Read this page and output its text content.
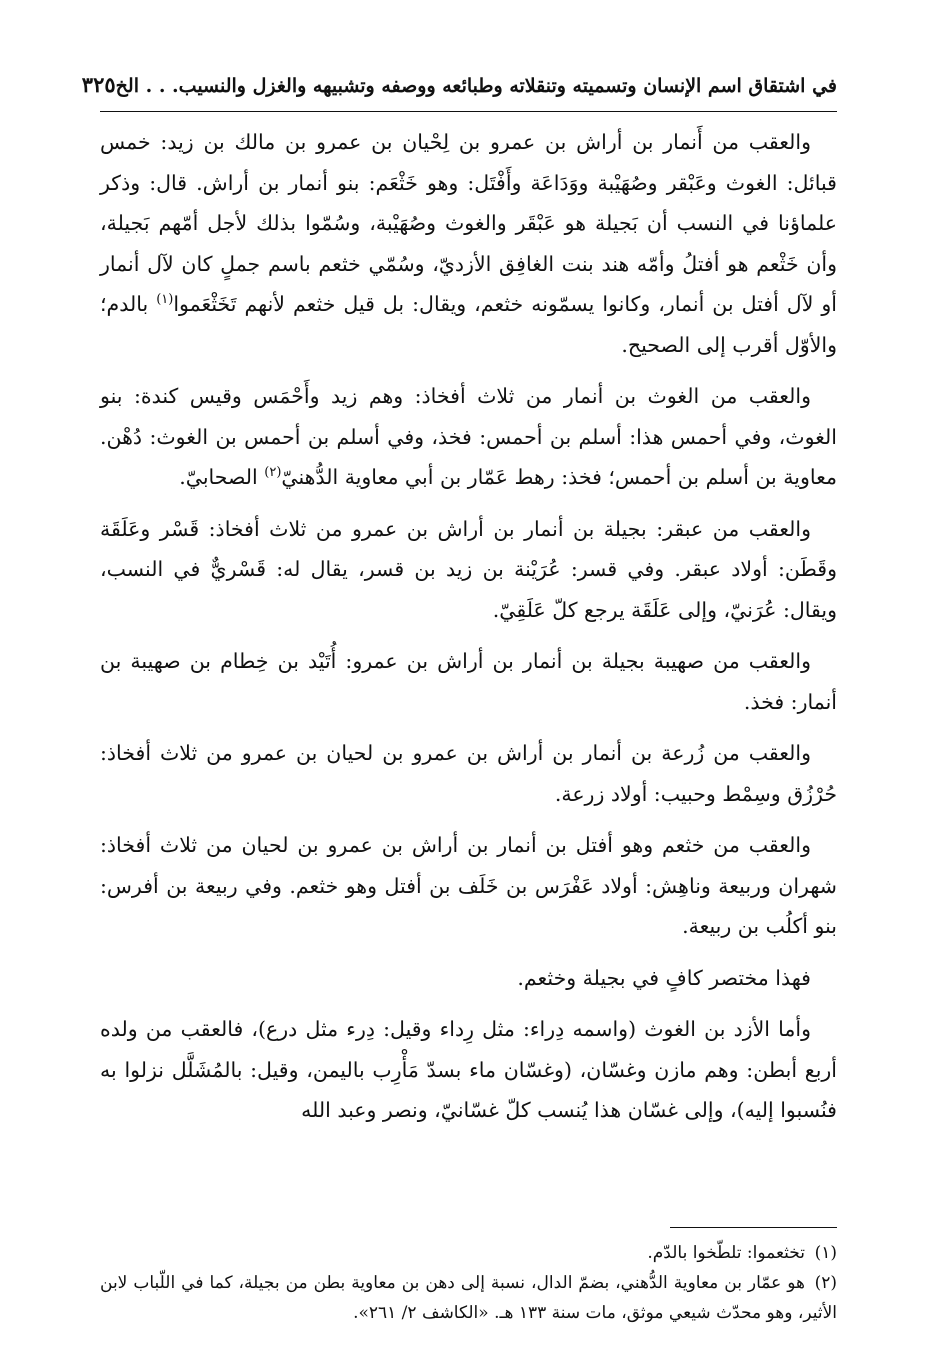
في اشتقاق اسم الإنسان وتسميته وتنقلاته وطبائعه ووصفه وتشبيهه والغزل والنسيب. . . الخ
٣٢٥

والعقب من أَنمار بن أراش بن عمرو بن لِحْيان بن عمرو بن مالك بن زيد: خمس قبائل: الغوث وعَبْقر وصُهَيْبة ووَدَاعَة وأَفْتَل: وهو خَثْعَم: بنو أنمار بن أراش. قال: وذكر علماؤنا في النسب أن بَجيلة هو عَبْقَر والغوث وصُهَيْبة، وسُمّوا بذلك لأجل أمّهم بَجيلة، وأن خَثْعم هو أفتلُ وأمّه هند بنت الغافِق الأزديّ، وسُمّي خثعم باسم جملٍ كان لآل أنمار أو لآل أفتل بن أنمار، وكانوا يسمّونه خثعم، ويقال: بل قيل خثعم لأنهم تَخَثْعَموا$^{(١)}$ بالدم؛ والأوّل أقرب إلى الصحيح.

والعقب من الغوث بن أنمار من ثلاث أفخاذ: وهم زيد وأَحْمَس وقيس كندة: بنو الغوث، وفي أحمس هذا: أسلم بن أحمس: فخذ، وفي أسلم بن أحمس بن الغوث: دُهْن. معاوية بن أسلم بن أحمس؛ فخذ: رهط عَمّار بن أبي معاوية الدُّهنيّ$^{(٢)}$ الصحابيّ.

والعقب من عبقر: بجيلة بن أنمار بن أراش بن عمرو من ثلاث أفخاذ: قَسْر وعَلَقَة وقَطَن: أولاد عبقر. وفي قسر: عُرَيْنة بن زيد بن قسر، يقال له: قَسْريٌّ في النسب، ويقال: عُرَنيّ، وإلى عَلَقَة يرجع كلّ عَلَقِيّ.

والعقب من صهيبة بجيلة بن أنمار بن أراش بن عمرو: أُتَيْد بن خِطام بن صهيبة بن أنمار: فخذ.

والعقب من زُرعة بن أنمار بن أراش بن عمرو بن لحيان بن عمرو من ثلاث أفخاذ: حُرْزُق وسِمْط وحبيب: أولاد زرعة.

والعقب من خثعم وهو أفتل بن أنمار بن أراش بن عمرو بن لحيان من ثلاث أفخاذ: شهران وربيعة وناهِش: أولاد عَفْرَس بن خَلَف بن أفتل وهو خثعم. وفي ربيعة بن أفرس: بنو أكلُب بن ربيعة.

فهذا مختصر كافٍ في بجيلة وخثعم.

وأما الأزد بن الغوث (واسمه دِراء: مثل رِداء وقيل: دِرء مثل درع)، فالعقب من ولده أربع أبطن: وهم مازن وغسّان، (وغسّان ماء بسدّ مَأْرِب باليمن، وقيل: بالمُشَلَّل نزلوا به فنُسبوا إليه)، وإلى غسّان هذا يُنسب كلّ غسّانيّ، ونصر وعبد الله

(١)تخثعموا: تلطّخوا بالدّم.

(٢)هو عمّار بن معاوية الدُّهني، بضمّ الدال، نسبة إلى دهن بن معاوية بطن من بجيلة، كما في اللّباب لابن الأثير، وهو محدّث شيعي موثق، مات سنة ١٣٣ هـ. «الكاشف ٢/ ٢٦١».
